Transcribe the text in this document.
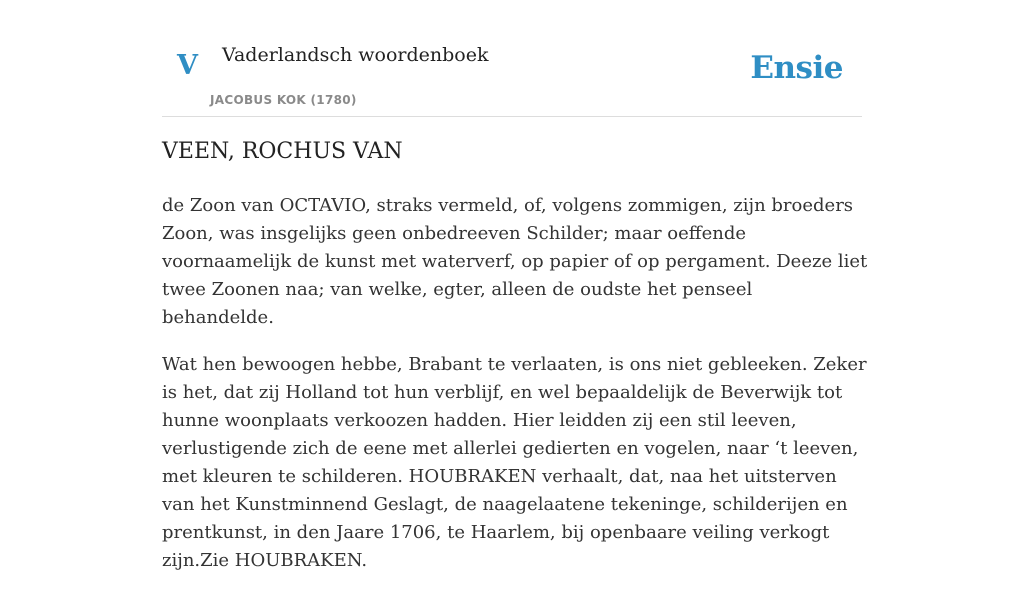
V Vaderlandsch woordenboek
JACOBUS KOK (1780)
Ensie
VEEN, ROCHUS VAN

de Zoon van OCTAVIO, straks vermeld, of, volgens zommigen, zijn broeders Zoon, was insgelijks geen onbedreeven Schilder; maar oeffende voornaamelijk de kunst met waterverf, op papier of op pergament. Deeze liet twee Zoonen naa; van welke, egter, alleen de oudste het penseel behandelde.

Wat hen bewoogen hebbe, Brabant te verlaaten, is ons niet gebleeken. Zeker is het, dat zij Holland tot hun verblijf, en wel bepaaldelijk de Beverwijk tot hunne woonplaats verkoozen hadden. Hier leidden zij een stil leeven, verlustigende zich de eene met allerlei gedierten en vogelen, naar ‘t leeven, met kleuren te schilderen. HOUBRAKEN verhaalt, dat, naa het uitsterven van het Kunstminnend Geslagt, de naagelaatene tekeninge, schilderijen en prentkunst, in den Jaare 1706, te Haarlem, bij openbaare veiling verkogt zijn.Zie HOUBRAKEN.
